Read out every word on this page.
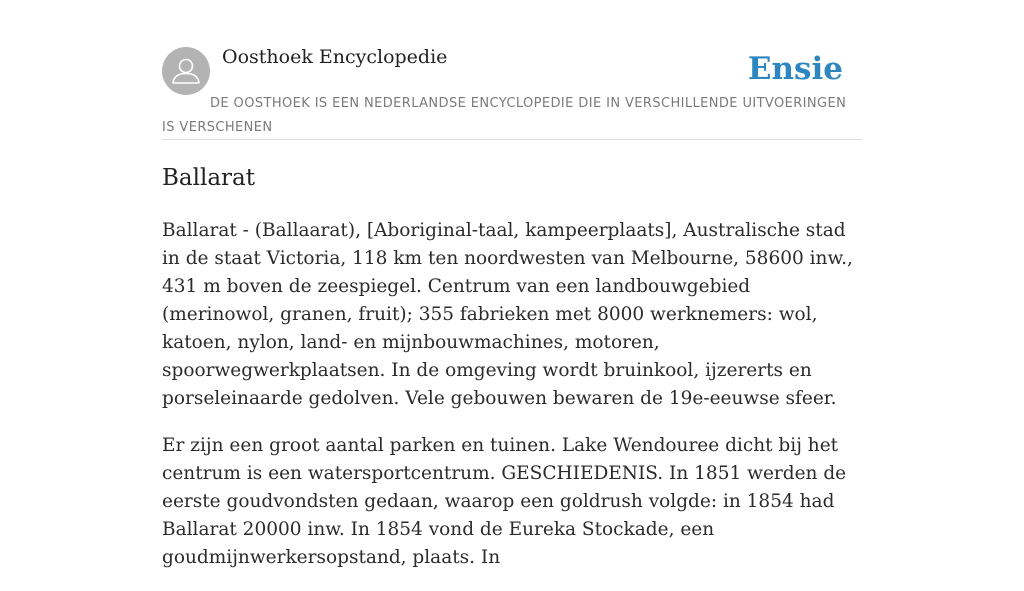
Oosthoek Encyclopedie	Ensie
DE OOSTHOEK IS EEN NEDERLANDSE ENCYCLOPEDIE DIE IN VERSCHILLENDE UITVOERINGEN IS VERSCHENEN
Ballarat

Ballarat - (Ballaarat), [Aboriginal-taal, kampeerplaats], Australische stad in de staat Victoria, 118 km ten noordwesten van Melbourne, 58600 inw., 431 m boven de zeespiegel. Centrum van een landbouwgebied (merinowol, granen, fruit); 355 fabrieken met 8000 werknemers: wol, katoen, nylon, land- en mijnbouwmachines, motoren, spoorwegwerkplaatsen. In de omgeving wordt bruinkool, ijzererts en porseleinaarde gedolven. Vele gebouwen bewaren de 19e-eeuwse sfeer.

Er zijn een groot aantal parken en tuinen. Lake Wendouree dicht bij het centrum is een watersportcentrum. GESCHIEDENIS. In 1851 werden de eerste goudvondsten gedaan, waarop een goldrush volgde: in 1854 had Ballarat 20000 inw. In 1854 vond de Eureka Stockade, een goudmijnwerkersopstand, plaats. In
